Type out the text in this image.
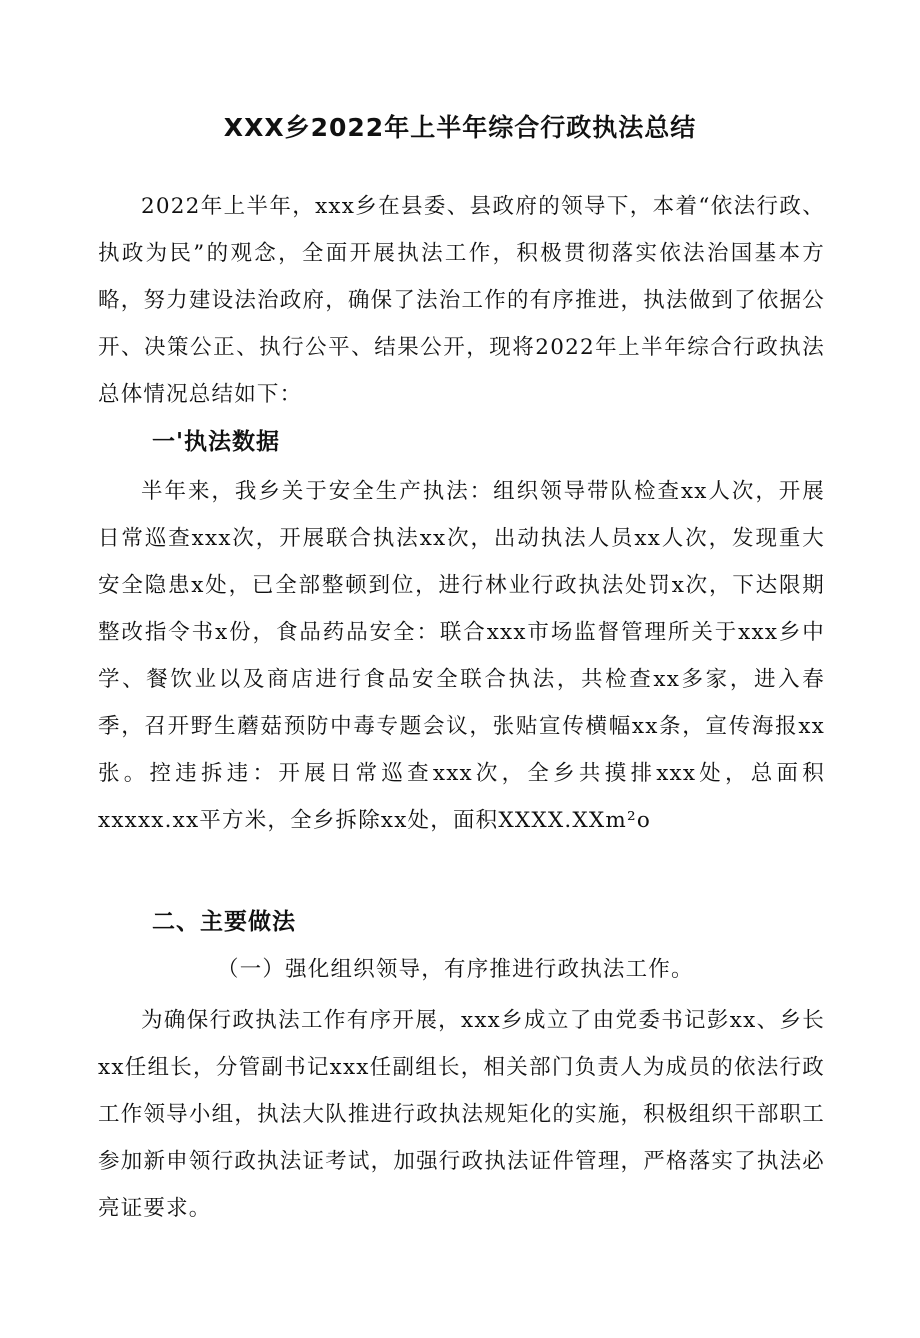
XXX乡2022年上半年综合行政执法总结

2022年上半年，xxx乡在县委、县政府的领导下，本着“依法行政、执政为民”的观念，全面开展执法工作，积极贯彻落实依法治国基本方略，努力建设法治政府，确保了法治工作的有序推进，执法做到了依据公开、决策公正、执行公平、结果公开，现将2022年上半年综合行政执法总体情况总结如下：

一'执法数据

半年来，我乡关于安全生产执法：组织领导带队检查xx人次，开展日常巡查xxx次，开展联合执法xx次，出动执法人员xx人次，发现重大安全隐患x处，已全部整顿到位，进行林业行政执法处罚x次，下达限期整改指令书x份，食品药品安全：联合xxx市场监督管理所关于xxx乡中学、餐饮业以及商店进行食品安全联合执法，共检查xx多家，进入春季，召开野生蘑菇预防中毒专题会议，张贴宣传横幅xx条，宣传海报xx张。控违拆违：开展日常巡查xxx次，全乡共摸排xxx处，总面积xxxxx.xx平方米，全乡拆除xx处，面积XXXX.XXm²o

二、主要做法

（一）强化组织领导，有序推进行政执法工作。

为确保行政执法工作有序开展，xxx乡成立了由党委书记彭xx、乡长xx任组长，分管副书记xxx任副组长，相关部门负责人为成员的依法行政工作领导小组，执法大队推进行政执法规矩化的实施，积极组织干部职工参加新申领行政执法证考试，加强行政执法证件管理，严格落实了执法必亮证要求。
